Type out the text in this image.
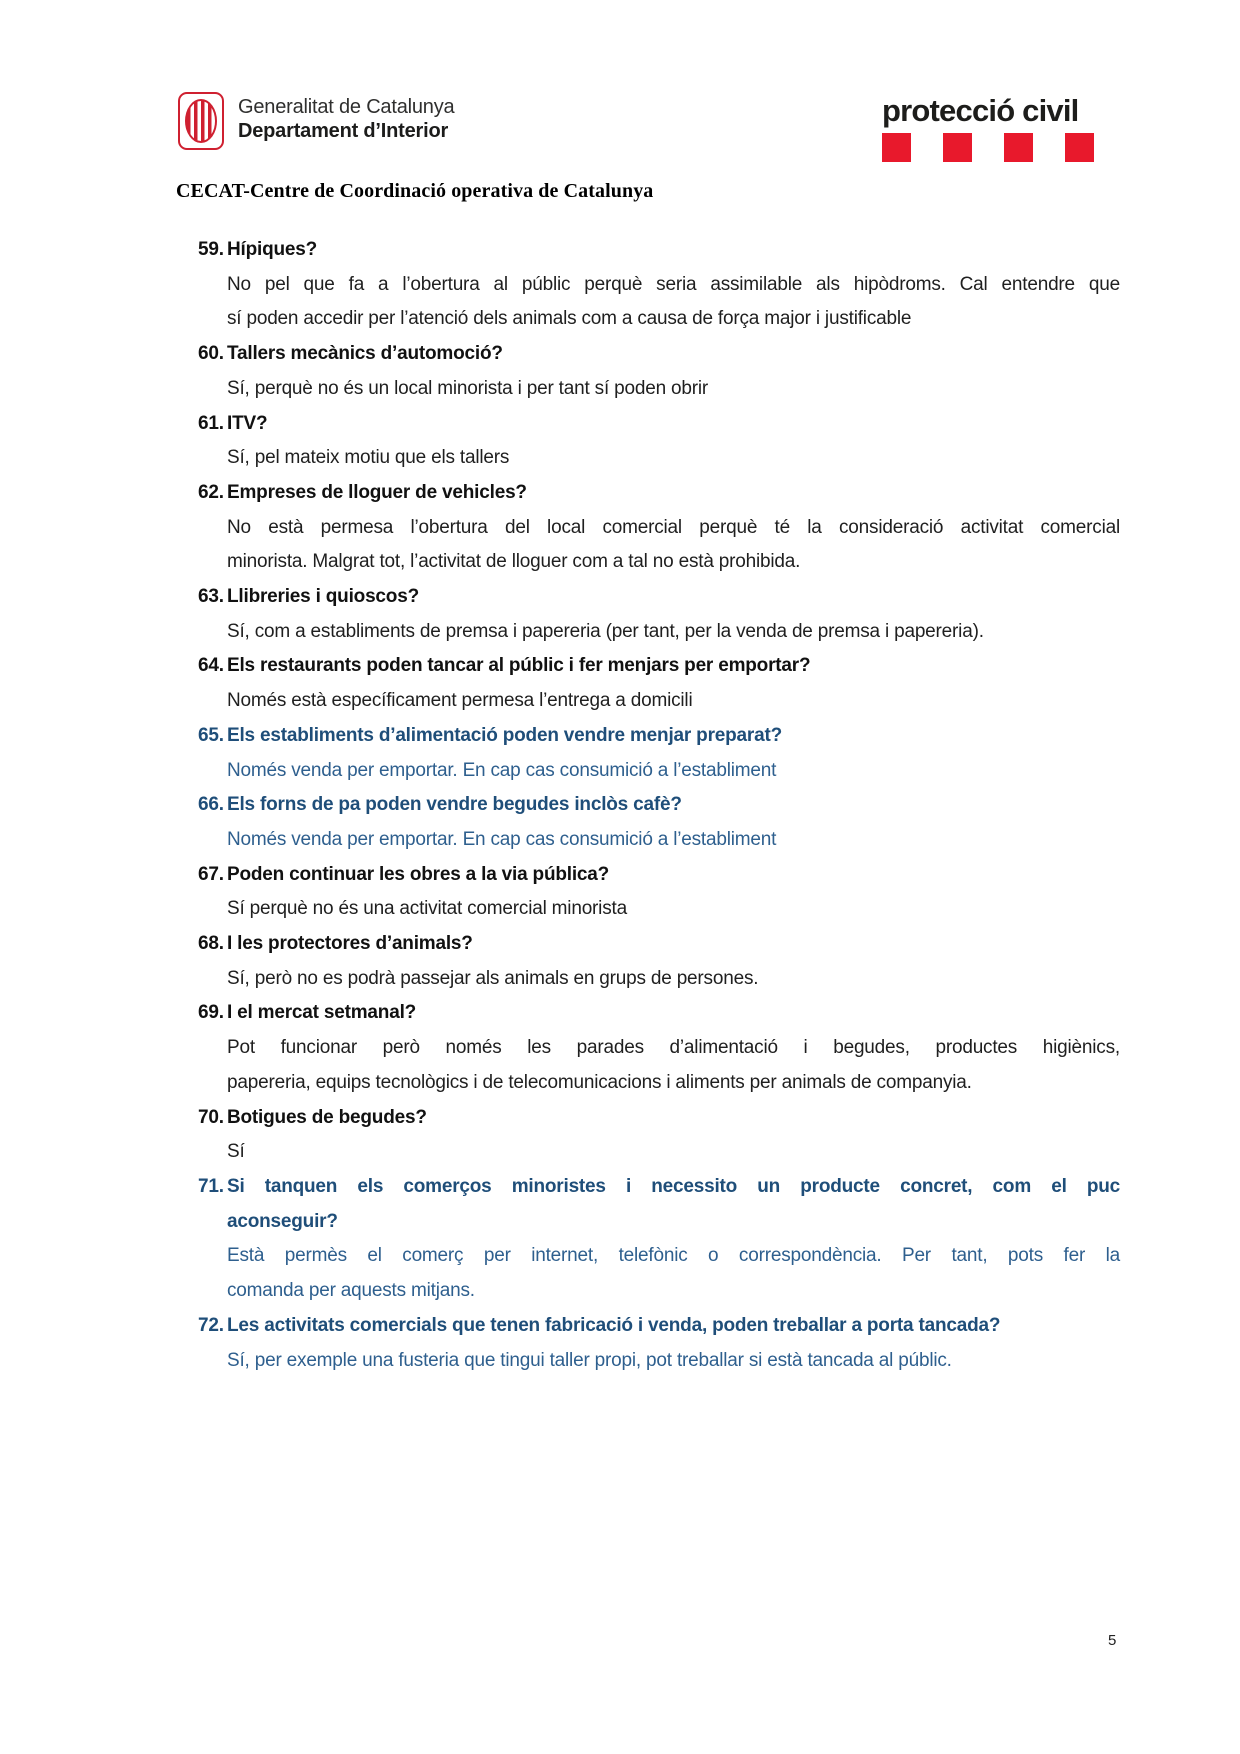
Generalitat de Catalunya
Departament d’Interior
protecció civil
CECAT-Centre de Coordinació operativa de Catalunya
59. Hípiques?
No pel que fa a l’obertura al públic perquè seria assimilable als hipòdroms. Cal entendre que
sí poden accedir per l’atenció dels animals com a causa de força major i justificable
60. Tallers mecànics d’automoció?
Sí, perquè no és un local minorista i per tant sí poden obrir
61. ITV?
Sí, pel mateix motiu que els tallers
62. Empreses de lloguer de vehicles?
No està permesa l’obertura del local comercial perquè té la consideració activitat comercial
minorista. Malgrat tot, l’activitat de lloguer com a tal no està prohibida.
63. Llibreries i quioscos?
Sí, com a establiments de premsa i papereria (per tant, per la venda de premsa i papereria).
64. Els restaurants poden tancar al públic i fer menjars per emportar?
Només està específicament permesa l’entrega a domicili
65. Els establiments d’alimentació poden vendre menjar preparat?
Només venda per emportar. En cap cas consumició a l’establiment
66. Els forns de pa poden vendre begudes inclòs cafè?
Només venda per emportar. En cap cas consumició a l’establiment
67. Poden continuar les obres a la via pública?
Sí perquè no és una activitat comercial minorista
68. I les protectores d’animals?
Sí, però no es podrà passejar als animals en grups de persones.
69. I el mercat setmanal?
Pot funcionar però només les parades d’alimentació i begudes, productes higiènics,
papereria, equips tecnològics i de telecomunicacions i aliments per animals de companyia.
70. Botigues de begudes?
Sí
71. Si tanquen els comerços minoristes i necessito un producte concret, com el puc
aconseguir?
Està permès el comerç per internet, telefònic o correspondència. Per tant, pots fer la
comanda per aquests mitjans.
72. Les activitats comercials que tenen fabricació i venda, poden treballar a porta tancada?
Sí, per exemple una fusteria que tingui taller propi, pot treballar si està tancada al públic.
5
